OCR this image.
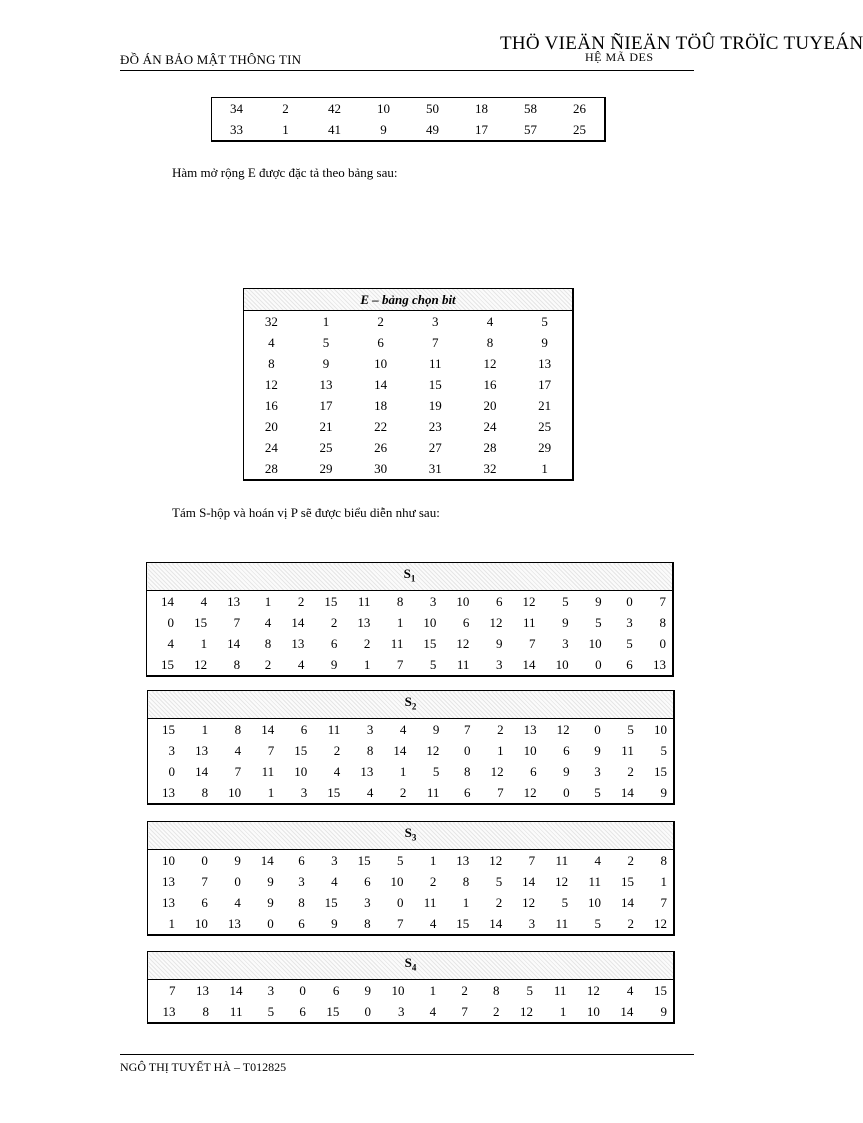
ĐỒ ÁN BẢO MẬT THÔNG TIN
THÖ VIEÄN ÑIEÄN TÖÛ TRÖÏC TUYEÁN
HỆ MÃ DES
34	2	42	10	50	18	58	26
33	1	41	9	49	17	57	25
Hàm mở rộng E được đặc tả theo bảng sau:
E – bảng chọn bit					
32	1	2	3	4	5
4	5	6	7	8	9
8	9	10	11	12	13
12	13	14	15	16	17
16	17	18	19	20	21
20	21	22	23	24	25
24	25	26	27	28	29
28	29	30	31	32	1
Tám S-hộp và hoán vị P sẽ được biểu diễn như sau:
$S_1$
14	4	13	1	2	15	11	8	3	10	6	12	5	9	0	7
0	15	7	4	14	2	13	1	10	6	12	11	9	5	3	8
4	1	14	8	13	6	2	11	15	12	9	7	3	10	5	0
15	12	8	2	4	9	1	7	5	11	3	14	10	0	6	13
$S_2$
15	1	8	14	6	11	3	4	9	7	2	13	12	0	5	10
3	13	4	7	15	2	8	14	12	0	1	10	6	9	11	5
0	14	7	11	10	4	13	1	5	8	12	6	9	3	2	15
13	8	10	1	3	15	4	2	11	6	7	12	0	5	14	9
$S_3$
10	0	9	14	6	3	15	5	1	13	12	7	11	4	2	8
13	7	0	9	3	4	6	10	2	8	5	14	12	11	15	1
13	6	4	9	8	15	3	0	11	1	2	12	5	10	14	7
1	10	13	0	6	9	8	7	4	15	14	3	11	5	2	12
$S_4$
7	13	14	3	0	6	9	10	1	2	8	5	11	12	4	15
13	8	11	5	6	15	0	3	4	7	2	12	1	10	14	9
NGÔ THỊ TUYẾT HÀ – T012825
